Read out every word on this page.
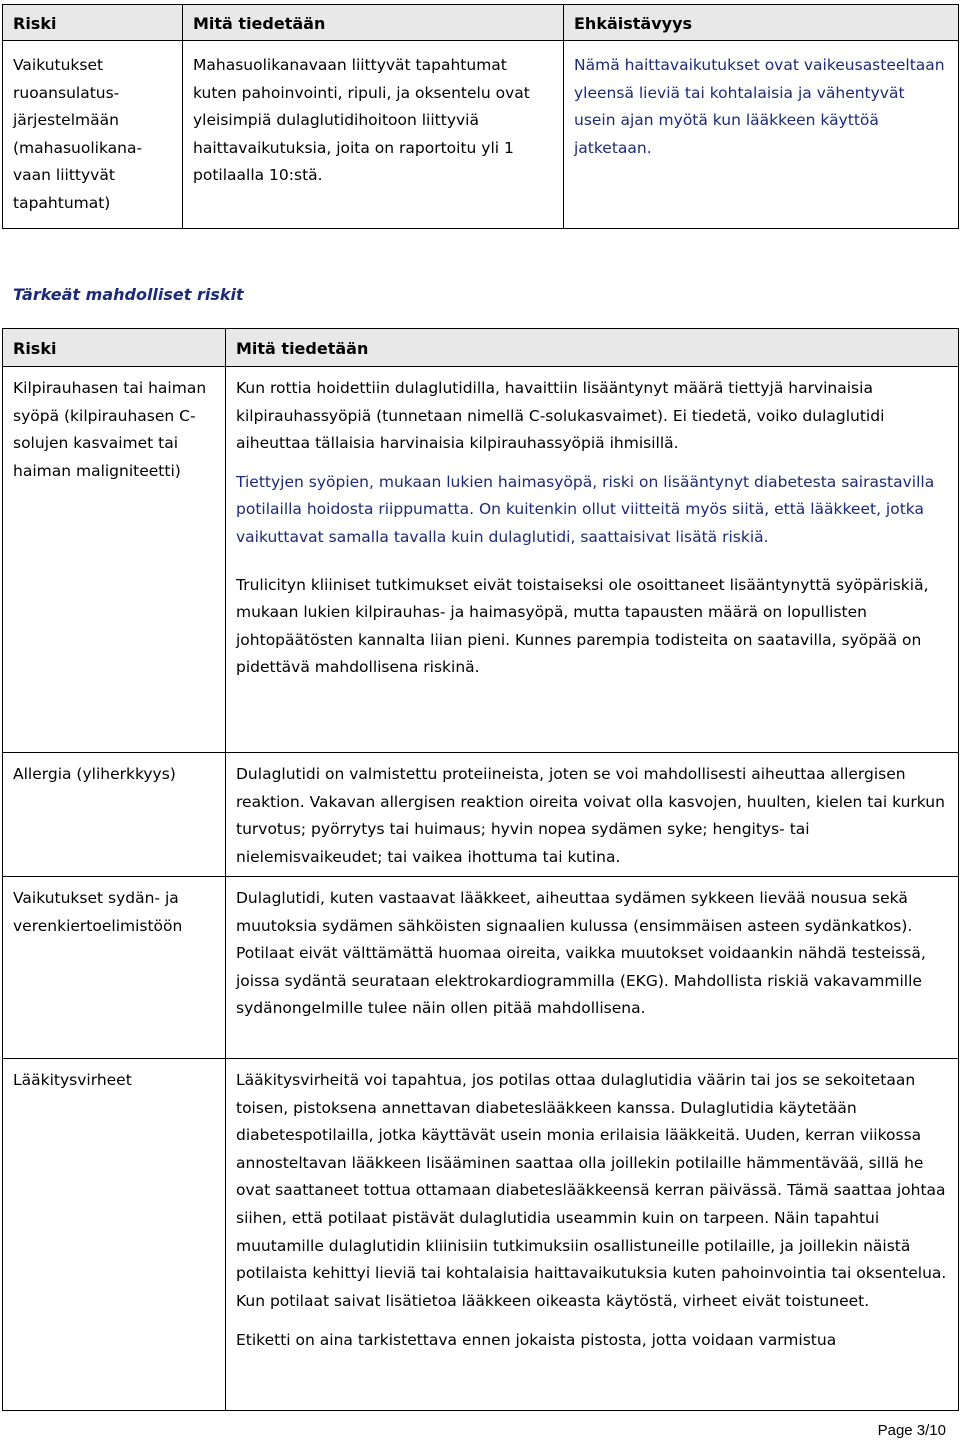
Riski	Mitä tiedetään	Ehkäistävyys
Vaikutukset ruoansulatus-järjestelmään (mahasuolikana-vaan liittyvät tapahtumat)	Mahasuolikanavaan liittyvät tapahtumat kuten pahoinvointi, ripuli, ja oksentelu ovat yleisimpiä dulaglutidihoitoon liittyviä haittavaikutuksia, joita on raportoitu yli 1 potilaalla 10:stä.	Nämä haittavaikutukset ovat vaikeusasteeltaan yleensä lieviä tai kohtalaisia ja vähentyvät usein ajan myötä kun lääkkeen käyttöä jatketaan.
Tärkeät mahdolliset riskit
Riski	Mitä tiedetään
Kilpirauhasen tai haiman syöpä (kilpirauhasen C-solujen kasvaimet tai haiman maligniteetti)	Kun rottia hoidettiin dulaglutidilla, havaittiin lisääntynyt määrä tiettyjä harvinaisia kilpirauhassyöpiä (tunnetaan nimellä C-solukasvaimet). Ei tiedetä, voiko dulaglutidi aiheuttaa tällaisia harvinaisia kilpirauhassyöpiä ihmisillä.

Tiettyjen syöpien, mukaan lukien haimasyöpä, riski on lisääntynyt diabetesta sairastavilla potilailla hoidosta riippumatta. On kuitenkin ollut viitteitä myös siitä, että lääkkeet, jotka vaikuttavat samalla tavalla kuin dulaglutidi, saattaisivat lisätä riskiä.

Trulicityn kliiniset tutkimukset eivät toistaiseksi ole osoittaneet lisääntynyttä syöpäriskiä, mukaan lukien kilpirauhas- ja haimasyöpä, mutta tapausten määrä on lopullisten johtopäätösten kannalta liian pieni. Kunnes parempia todisteita on saatavilla, syöpää on pidettävä mahdollisena riskinä.

Allergia (yliherkkyys)	Dulaglutidi on valmistettu proteiineista, joten se voi mahdollisesti aiheuttaa allergisen reaktion. Vakavan allergisen reaktion oireita voivat olla kasvojen, huulten, kielen tai kurkun turvotus; pyörrytys tai huimaus; hyvin nopea sydämen syke; hengitys- tai nielemisvaikeudet; tai vaikea ihottuma tai kutina.

Vaikutukset sydän- ja verenkiertoelimistöön	Dulaglutidi, kuten vastaavat lääkkeet, aiheuttaa sydämen sykkeen lievää nousua sekä muutoksia sydämen sähköisten signaalien kulussa (ensimmäisen asteen sydänkatkos). Potilaat eivät välttämättä huomaa oireita, vaikka muutokset voidaankin nähdä testeissä, joissa sydäntä seurataan elektrokardiogrammilla (EKG). Mahdollista riskiä vakavammille sydänongelmille tulee näin ollen pitää mahdollisena.

Lääkitysvirheet	Lääkitysvirheitä voi tapahtua, jos potilas ottaa dulaglutidia väärin tai jos se sekoitetaan toisen, pistoksena annettavan diabeteslääkkeen kanssa. Dulaglutidia käytetään diabetespotilailla, jotka käyttävät usein monia erilaisia lääkkeitä. Uuden, kerran viikossa annosteltavan lääkkeen lisääminen saattaa olla joillekin potilaille hämmentävää, sillä he ovat saattaneet tottua ottamaan diabeteslääkkeensä kerran päivässä. Tämä saattaa johtaa siihen, että potilaat pistävät dulaglutidia useammin kuin on tarpeen. Näin tapahtui muutamille dulaglutidin kliinisiin tutkimuksiin osallistuneille potilaille, ja joillekin näistä potilaista kehittyi lieviä tai kohtalaisia haittavaikutuksia kuten pahoinvointia tai oksentelua. Kun potilaat saivat lisätietoa lääkkeen oikeasta käytöstä, virheet eivät toistuneet.

Etiketti on aina tarkistettava ennen jokaista pistosta, jotta voidaan varmistua

Page 3/10
